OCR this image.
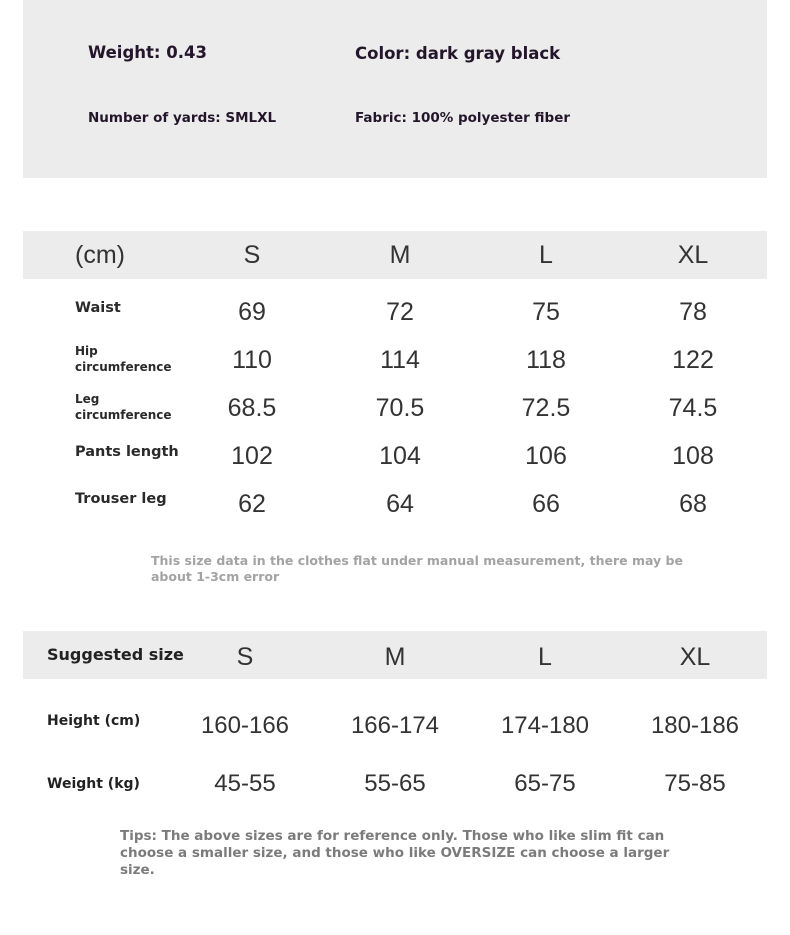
Weight: 0.43	Color: dark gray black
Number of yards: SMLXL	Fabric: 100% polyester fiber
(cm)	S	M	L	XL
Waist	69	72	75	78
Hip
circumference	110	114	118	122
Leg
circumference	68.5	70.5	72.5	74.5
Pants length	102	104	106	108
Trouser leg	62	64	66	68
This size data in the clothes flat under manual measurement, there may be
about 1-3cm error
Suggested size	S	M	L	XL
Height (cm)	160-166	166-174	174-180	180-186
Weight (kg)	45-55	55-65	65-75	75-85
Tips: The above sizes are for reference only. Those who like slim fit can choose a smaller size, and those who like OVERSIZE can choose a larger size.
